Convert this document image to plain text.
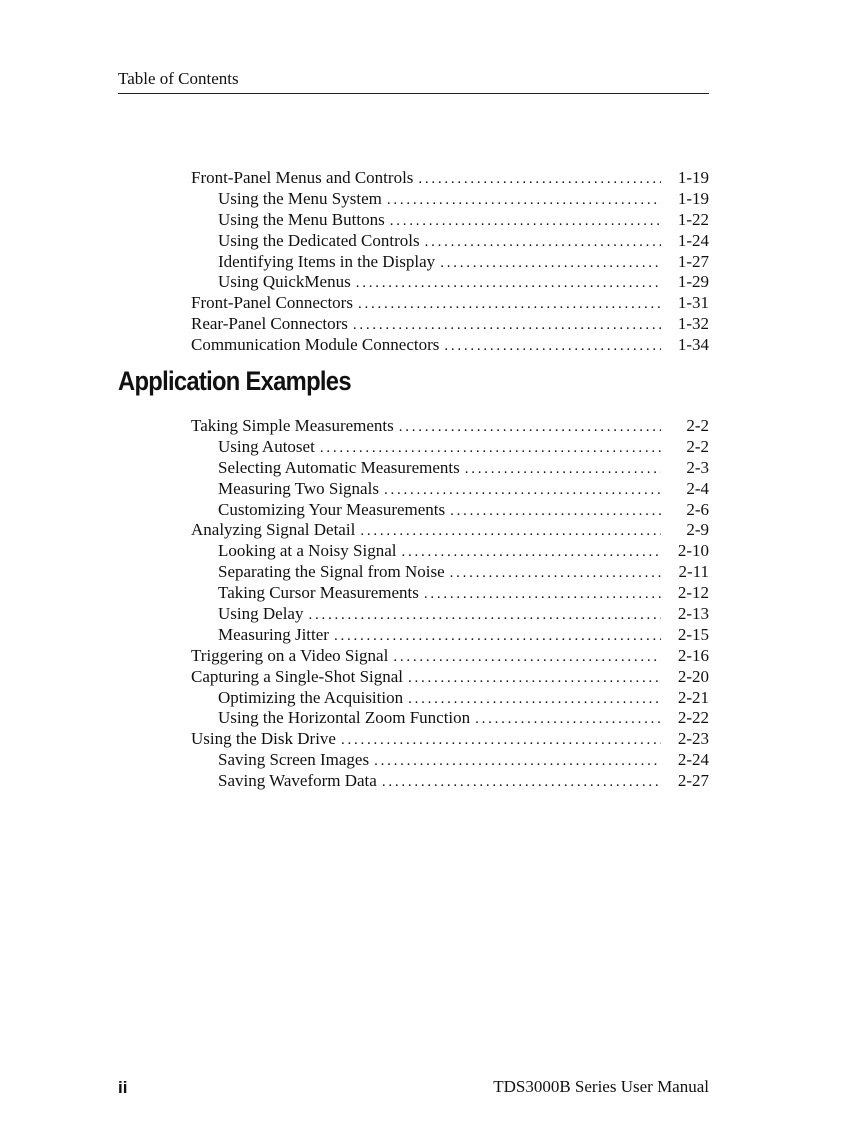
Table of Contents
Front-Panel Menus and Controls . . .	1-19
Using the Menu System . . .	1-19
Using the Menu Buttons . . .	1-22
Using the Dedicated Controls . . .	1-24
Identifying Items in the Display . . .	1-27
Using QuickMenus . . .	1-29
Front-Panel Connectors . . .	1-31
Rear-Panel Connectors . . .	1-32
Communication Module Connectors . . .	1-34
Application Examples
Taking Simple Measurements . . .	2-2
Using Autoset . . .	2-2
Selecting Automatic Measurements . . .	2-3
Measuring Two Signals . . .	2-4
Customizing Your Measurements . . .	2-6
Analyzing Signal Detail . . .	2-9
Looking at a Noisy Signal . . .	2-10
Separating the Signal from Noise . . .	2-11
Taking Cursor Measurements . . .	2-12
Using Delay . . .	2-13
Measuring Jitter . . .	2-15
Triggering on a Video Signal . . .	2-16
Capturing a Single-Shot Signal . . .	2-20
Optimizing the Acquisition . . .	2-21
Using the Horizontal Zoom Function . . .	2-22
Using the Disk Drive . . .	2-23
Saving Screen Images . . .	2-24
Saving Waveform Data . . .	2-27
ii	TDS3000B Series User Manual
